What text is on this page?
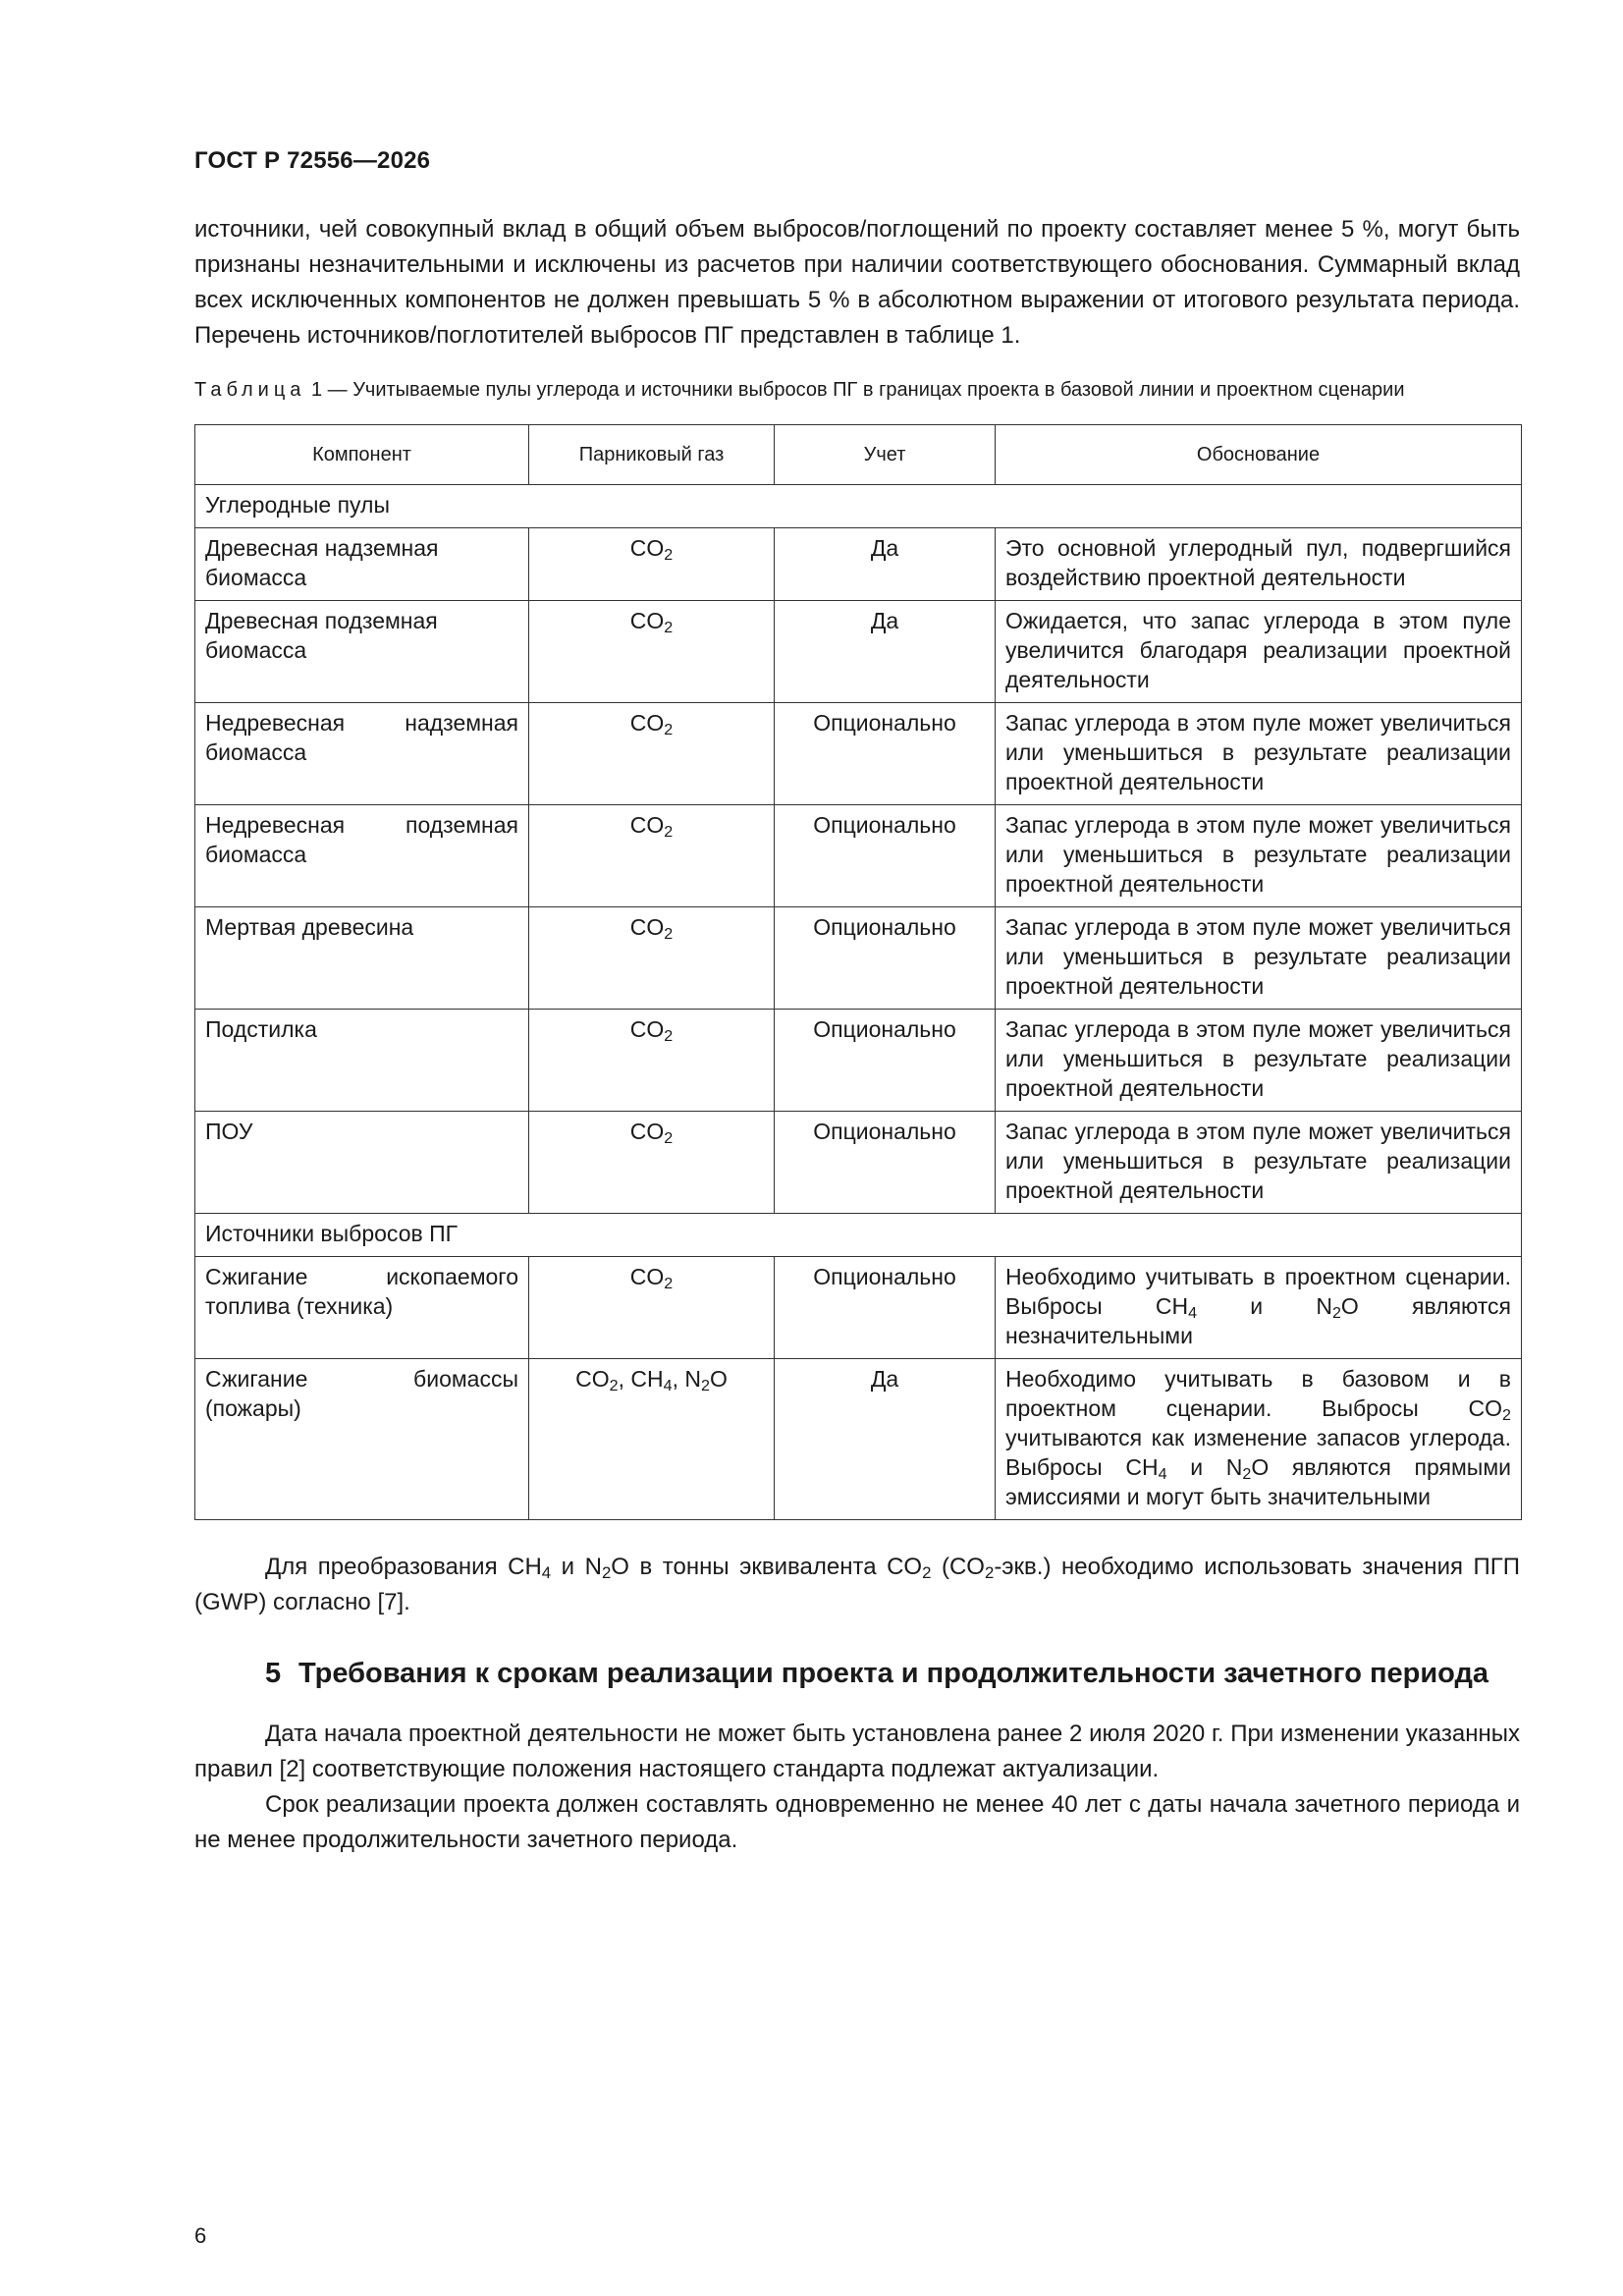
ГОСТ Р 72556—2026

источники, чей совокупный вклад в общий объем выбросов/поглощений по проекту составляет менее 5 %, могут быть признаны незначительными и исключены из расчетов при наличии соответствующего обоснования. Суммарный вклад всех исключенных компонентов не должен превышать 5 % в абсолютном выражении от итогового результата периода. Перечень источников/поглотителей выбросов ПГ представлен в таблице 1.

Таблица 1 — Учитываемые пулы углерода и источники выбросов ПГ в границах проекта в базовой линии и проектном сценарии
Компонент	Парниковый газ	Учет	Обоснование
Углеродные пулы			
Древесная надземная биомасса	$CO_2$	Да	Это основной углеродный пул, подвергшийся воздействию проектной деятельности
Древесная подземная биомасса	$CO_2$	Да	Ожидается, что запас углерода в этом пуле увеличится благодаря реализации проектной деятельности
Недревесная надземная биомасса	$CO_2$	Опционально	Запас углерода в этом пуле может увеличиться или уменьшиться в результате реализации проектной деятельности
Недревесная подземная биомасса	$CO_2$	Опционально	Запас углерода в этом пуле может увеличиться или уменьшиться в результате реализации проектной деятельности
Мертвая древесина	$CO_2$	Опционально	Запас углерода в этом пуле может увеличиться или уменьшиться в результате реализации проектной деятельности
Подстилка	$CO_2$	Опционально	Запас углерода в этом пуле может увеличиться или уменьшиться в результате реализации проектной деятельности
ПОУ	$CO_2$	Опционально	Запас углерода в этом пуле может увеличиться или уменьшиться в результате реализации проектной деятельности
Источники выбросов ПГ			
Сжигание ископаемого топлива (техника)	$CO_2$	Опционально	Необходимо учитывать в проектном сценарии. Выбросы $CH_4$ и $N_2O$ являются незначительными
Сжигание биомассы (пожары)	$CO_2$, $CH_4$, $N_2O$	Да	Необходимо учитывать в базовом и в проектном сценарии. Выбросы $CO_2$ учитываются как изменение запасов углерода. Выбросы $CH_4$ и $N_2O$ являются прямыми эмиссиями и могут быть значительными

Для преобразования $CH_4$ и $N_2O$ в тонны эквивалента $CO_2$ $(CO_2-экв.)$ необходимо использовать значения ПГП (GWP) согласно [7].

5 Требования к срокам реализации проекта и продолжительности зачетного периода

Дата начала проектной деятельности не может быть установлена ранее 2 июля 2020 г. При изменении указанных правил [2] соответствующие положения настоящего стандарта подлежат актуализации.

Срок реализации проекта должен составлять одновременно не менее 40 лет с даты начала зачетного периода и не менее продолжительности зачетного периода.

6
